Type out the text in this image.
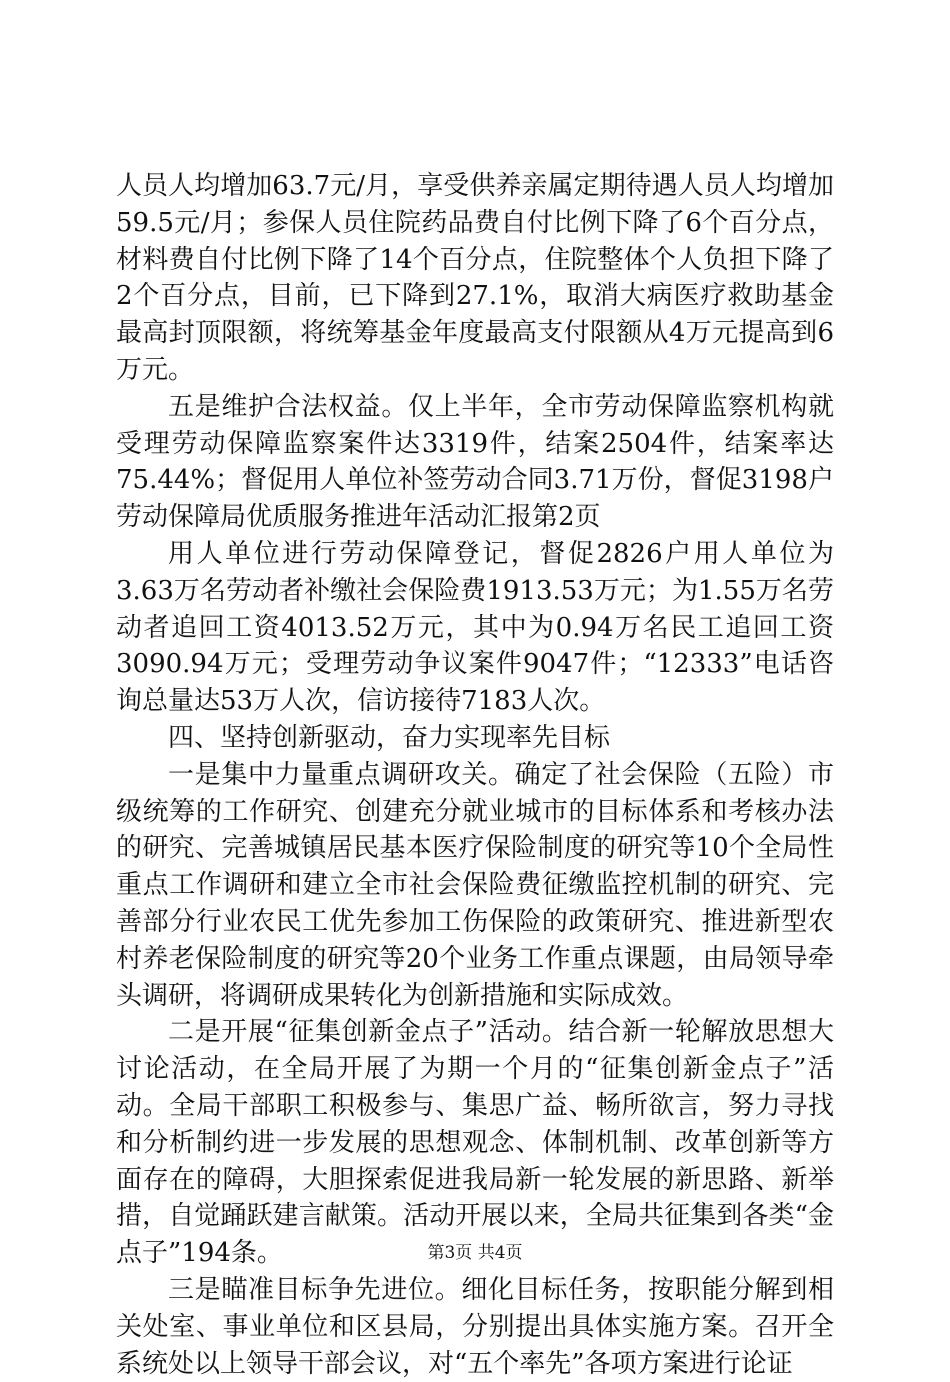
人员人均增加63.7元/月，享受供养亲属定期待遇人员人均增加59.5元/月；参保人员住院药品费自付比例下降了6个百分点，材料费自付比例下降了14个百分点，住院整体个人负担下降了2个百分点，目前，已下降到27.1%，取消大病医疗救助基金最高封顶限额，将统筹基金年度最高支付限额从4万元提高到6万元。

五是维护合法权益。仅上半年，全市劳动保障监察机构就受理劳动保障监察案件达3319件，结案2504件，结案率达75.44%；督促用人单位补签劳动合同3.71万份，督促3198户劳动保障局优质服务推进年活动汇报第2页

用人单位进行劳动保障登记，督促2826户用人单位为3.63万名劳动者补缴社会保险费1913.53万元；为1.55万名劳动者追回工资4013.52万元，其中为0.94万名民工追回工资3090.94万元；受理劳动争议案件9047件；“12333”电话咨询总量达53万人次，信访接待7183人次。

四、坚持创新驱动，奋力实现率先目标

一是集中力量重点调研攻关。确定了社会保险（五险）市级统筹的工作研究、创建充分就业城市的目标体系和考核办法的研究、完善城镇居民基本医疗保险制度的研究等10个全局性重点工作调研和建立全市社会保险费征缴监控机制的研究、完善部分行业农民工优先参加工伤保险的政策研究、推进新型农村养老保险制度的研究等20个业务工作重点课题，由局领导牵头调研，将调研成果转化为创新措施和实际成效。

二是开展“征集创新金点子”活动。结合新一轮解放思想大讨论活动，在全局开展了为期一个月的“征集创新金点子”活动。全局干部职工积极参与、集思广益、畅所欲言，努力寻找和分析制约进一步发展的思想观念、体制机制、改革创新等方面存在的障碍，大胆探索促进我局新一轮发展的新思路、新举措，自觉踊跃建言献策。活动开展以来，全局共征集到各类“金点子”194条。

三是瞄准目标争先进位。细化目标任务，按职能分解到相关处室、事业单位和区县局，分别提出具体实施方案。召开全系统处以上领导干部会议，对“五个率先”各项方案进行论证

第3页 共4页
